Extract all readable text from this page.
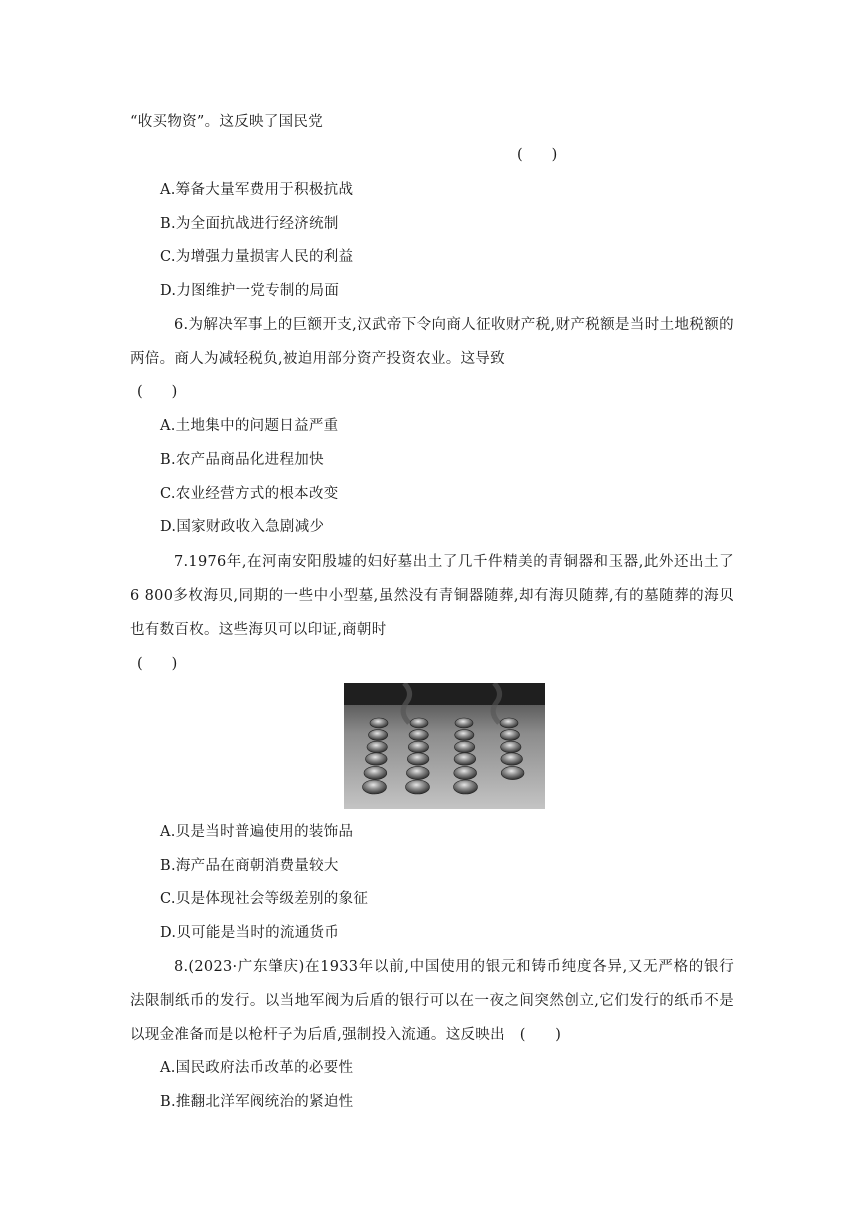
“收买物资”。这反映了国民党
(　　)
A.筹备大量军费用于积极抗战
B.为全面抗战进行经济统制
C.为增强力量损害人民的利益
D.力图维护一党专制的局面
6.为解决军事上的巨额开支,汉武帝下令向商人征收财产税,财产税额是当时土地税额的两倍。商人为减轻税负,被迫用部分资产投资农业。这导致
(　　)
A.土地集中的问题日益严重
B.农产品商品化进程加快
C.农业经营方式的根本改变
D.国家财政收入急剧减少
7.1976年,在河南安阳殷墟的妇好墓出土了几千件精美的青铜器和玉器,此外还出土了6 800多枚海贝,同期的一些中小型墓,虽然没有青铜器随葬,却有海贝随葬,有的墓随葬的海贝也有数百枚。这些海贝可以印证,商朝时
(　　)
A.贝是当时普遍使用的装饰品
B.海产品在商朝消费量较大
C.贝是体现社会等级差别的象征
D.贝可能是当时的流通货币
8.(2023·广东肇庆)在1933年以前,中国使用的银元和铸币纯度各异,又无严格的银行法限制纸币的发行。以当地军阀为后盾的银行可以在一夜之间突然创立,它们发行的纸币不是以现金准备而是以枪杆子为后盾,强制投入流通。这反映出　(　　)
A.国民政府法币改革的必要性
B.推翻北洋军阀统治的紧迫性
